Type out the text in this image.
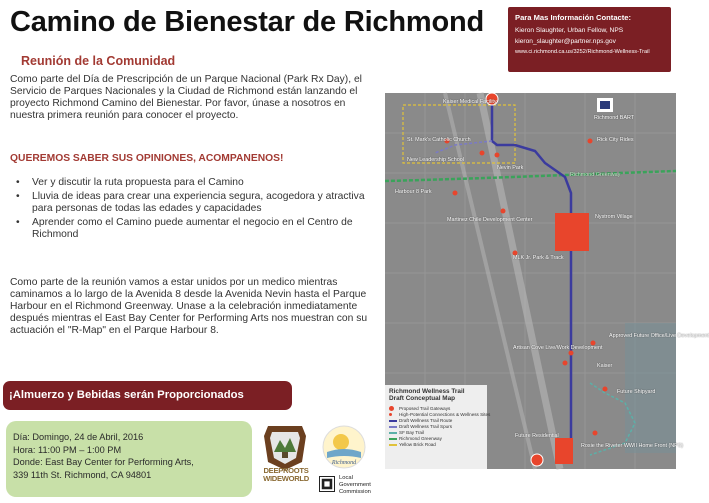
Camino de Bienestar de Richmond	Para Mas Información Contacte:
Kieron Slaughter, Urban Fellow, NPS
kieron_slaughter@partner.nps.gov
www.ci.richmond.ca.us/3252/Richmond-Wellness-Trail
Reunión de la Comunidad

Como parte del Día de Prescripción de un Parque Nacional (Park Rx Day), el Servicio de Parques Nacionales y la Ciudad de Richmond están lanzando el proyecto Richmond Camino del Bienestar. Por favor, únase a nosotros en nuestra primera reunión para conocer el proyecto.

QUEREMOS SABER SUS OPINIONES, ACOMPANENOS!
• Ver y discutir la ruta propuesta para el Camino
• Lluvia de ideas para crear una experiencia segura, acogedora y atractiva para personas de todas las edades y capacidades
• Aprender como el Camino puede aumentar el negocio en el Centro de Richmond

Como parte de la reunión vamos a estar unidos por un medico mientras caminamos a lo largo de la Avenida 8 desde la Avenida Nevin hasta el Parque Harbour en el Richmond Greenway. Unase a la celebración inmediatamente después mientras el East Bay Center for Performing Arts nos muestran con su actuación el "R-Map" en el Parque Harbour 8.

¡Almuerzo y Bebidas serán Proporcionados
Día: Domingo, 24 de Abril, 2016
Hora: 11:00 PM – 1:00 PM
Donde: East Bay Center for Performing Arts,
339 11th St. Richmond, CA 94801	DEEPROOTS WIDEWORLD
Richmond
Local
Government
Commission
Kaiser Medical Facility
St. Mark's Catholic Church
New Leadership School
Nevin Park
Richmond BART
Rick City Rides
Harbour 8 Park
Nystrom Village
Martinez Chile Development Center
MLK Jr. Park & Track
Artisan Cove Live/Work Development
Approved Future Office/Live Development
Kaiser
Future Shipyard
Rosie the Riveter WWII Home Front (NPS)
Future Residential
Richmond Greenway
Richmond Wellness Trail
Draft Conceptual Map
Proposed Trail Gateways
High-Potential Connections & Wellness Sites
Draft Wellness Trail Route
Draft Wellness Trail Spurs
SF Bay Trail
Richmond Greenway
Yellow Brick Road
